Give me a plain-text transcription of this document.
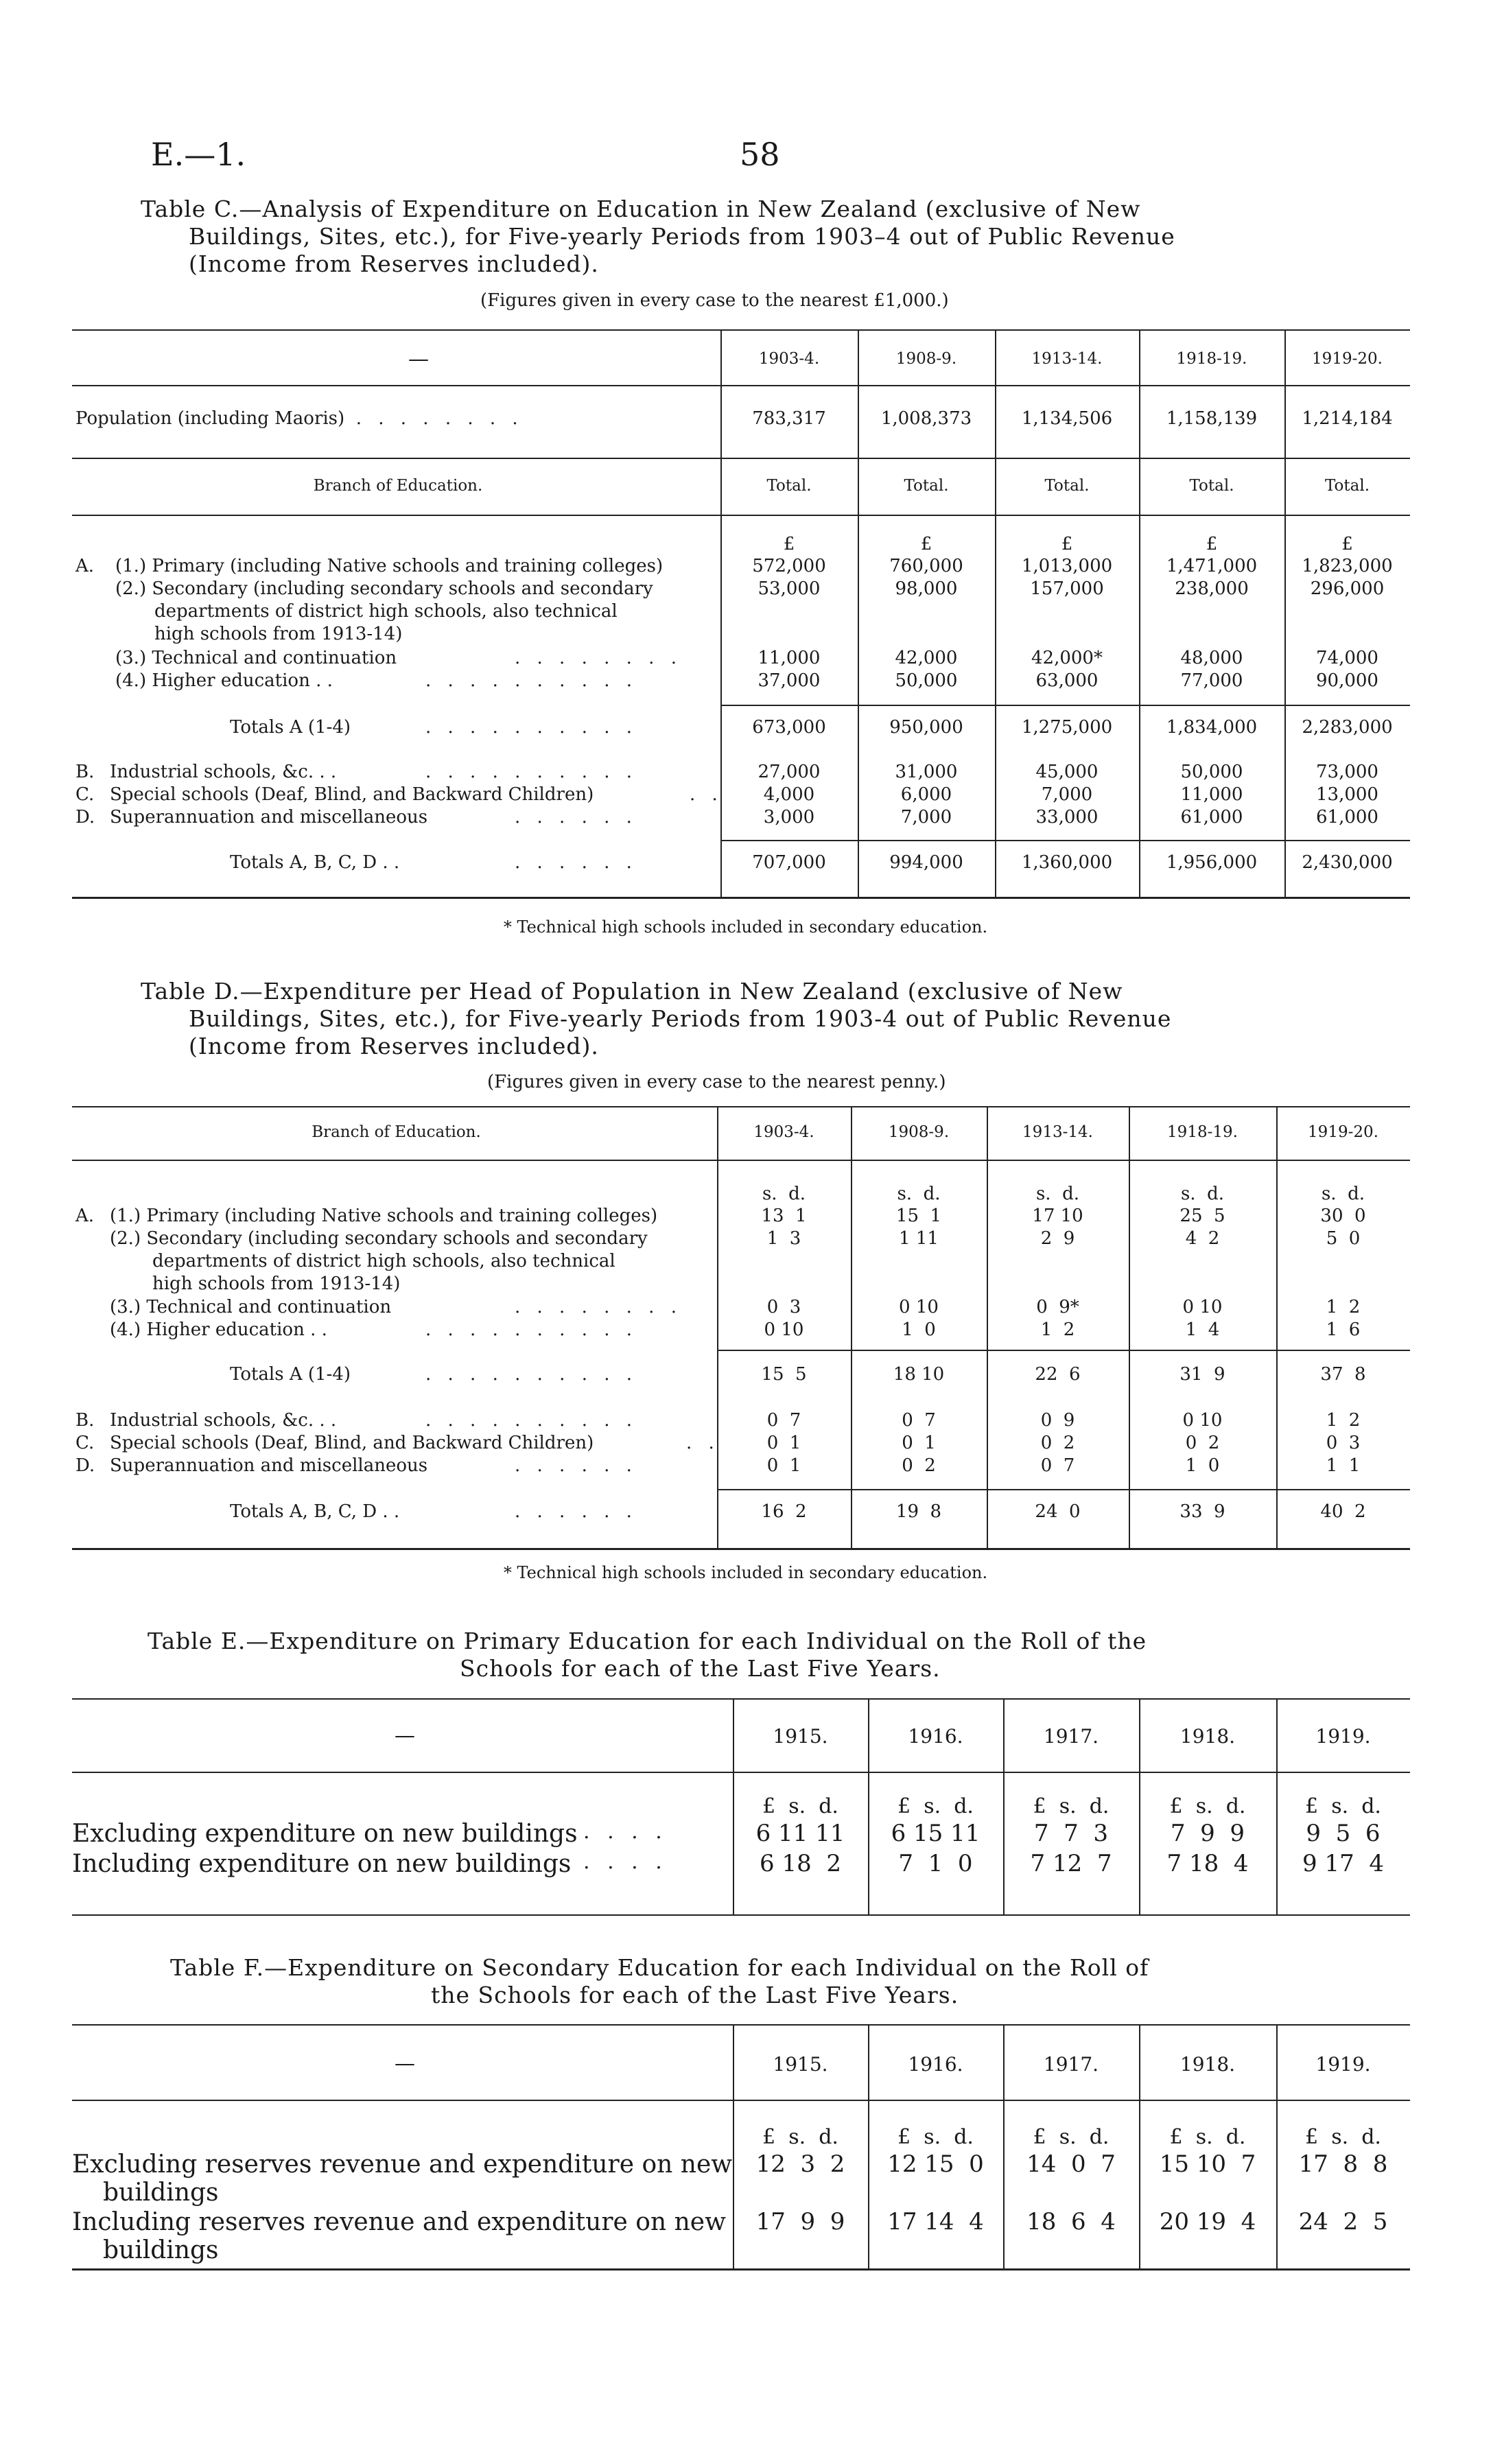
E.—1.	58
Table C.—Analysis of Expenditure on Education in New Zealand (exclusive of New
Buildings, Sites, etc.), for Five-yearly Periods from 1903–4 out of Public Revenue
(Income from Reserves included).
(Figures given in every case to the nearest £1,000.)
—	1903-4.	1908-9.	1913-14.	1918-19.	1919-20.
Population (including Maoris) . . . . . . . .	783,317	1,008,373	1,134,506	1,158,139	1,214,184
Branch of Education.	Total.	Total.	Total.	Total.	Total.
£	£	£	£	£
A. (1.) Primary (including Native schools and training colleges)	572,000	760,000	1,013,000	1,471,000	1,823,000
(2.) Secondary (including secondary schools and secondary
departments of district high schools, also technical
high schools from 1913-14)
53,000	98,000	157,000	238,000	296,000
(3.) Technical and continuation	. . . . . . . .	11,000	42,000	42,000*	48,000	74,000
(4.) Higher education . .	. . . . . . . . . .	37,000	50,000	63,000	77,000	90,000
Totals A (1-4)	. . . . . . . . . .	673,000	950,000	1,275,000	1,834,000	2,283,000
B. Industrial schools, &c. . .	. . . . . . . . . .	27,000	31,000	45,000	50,000	73,000
C. Special schools (Deaf, Blind, and Backward Children)	. .	4,000	6,000	7,000	11,000	13,000
D. Superannuation and miscellaneous	. . . . . .	3,000	7,000	33,000	61,000	61,000
Totals A, B, C, D . .	. . . . . .	707,000	994,000	1,360,000	1,956,000	2,430,000
* Technical high schools included in secondary education.
Table D.—Expenditure per Head of Population in New Zealand (exclusive of New
Buildings, Sites, etc.), for Five-yearly Periods from 1903-4 out of Public Revenue
(Income from Reserves included).
(Figures given in every case to the nearest penny.)
Branch of Education.	1903-4.	1908-9.	1913-14.	1918-19.	1919-20.
s.  d.	s.  d.	s.  d.	s.  d.	s.  d.
A. (1.) Primary (including Native schools and training colleges)	13  1	15  1	17 10	25  5	30  0
(2.) Secondary (including secondary schools and secondary
departments of district high schools, also technical
high schools from 1913-14)
1  3	1 11	2  9	4  2	5  0
(3.) Technical and continuation	. . . . . . . .	0  3	0 10	0  9*	0 10	1  2
(4.) Higher education . .	. . . . . . . . . .	0 10	1  0	1  2	1  4	1  6
Totals A (1-4)	. . . . . . . . . .	15  5	18 10	22  6	31  9	37  8
B. Industrial schools, &c. . .	. . . . . . . . . .	0  7	0  7	0  9	0 10	1  2
C. Special schools (Deaf, Blind, and Backward Children)	. .	0  1	0  1	0  2	0  2	0  3
D. Superannuation and miscellaneous	. . . . . .	0  1	0  2	0  7	1  0	1  1
Totals A, B, C, D . .	. . . . . .	16  2	19  8	24  0	33  9	40  2
* Technical high schools included in secondary education.
Table E.—Expenditure on Primary Education for each Individual on the Roll of the
Schools for each of the Last Five Years.
—	1915.	1916.	1917.	1918.	1919.
£  s.  d.	£  s.  d.	£  s.  d.	£  s.  d.	£  s.  d.
Excluding expenditure on new buildings . . . .	6 11 11	6 15 11	7  7  3	7  9  9	9  5  6
Including expenditure on new buildings . . . .	6 18  2	7  1  0	7 12  7	7 18  4	9 17  4
Table F.—Expenditure on Secondary Education for each Individual on the Roll of
the Schools for each of the Last Five Years.
—	1915.	1916.	1917.	1918.	1919.
£  s.  d.	£  s.  d.	£  s.  d.	£  s.  d.	£  s.  d.
Excluding reserves revenue and expenditure on new
buildings
12  3  2	12 15  0	14  0  7	15 10  7	17  8  8
Including reserves revenue and expenditure on new
buildings
17  9  9	17 14  4	18  6  4	20 19  4	24  2  5
